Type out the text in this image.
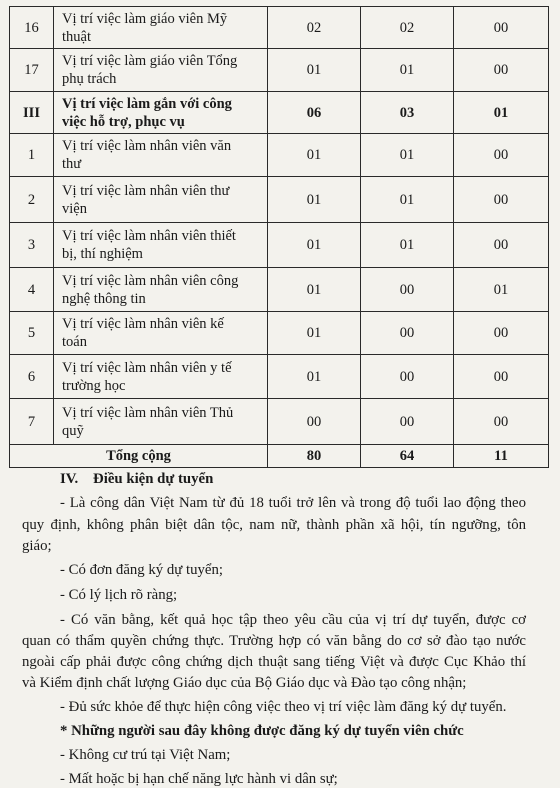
16	Vị trí việc làm giáo viên Mỹ
thuật	02	02	00
17	Vị trí việc làm giáo viên Tổng
phụ trách	01	01	00
III	Vị trí việc làm gắn với công
việc hỗ trợ, phục vụ	06	03	01
1	Vị trí việc làm nhân viên văn
thư	01	01	00
2	Vị trí việc làm nhân viên thư
viện	01	01	00
3	Vị trí việc làm nhân viên thiết
bị, thí nghiệm	01	01	00
4	Vị trí việc làm nhân viên công
nghệ thông tin	01	00	01
5	Vị trí việc làm nhân viên kế
toán	01	00	00
6	Vị trí việc làm nhân viên y tế
trường học	01	00	00
7	Vị trí việc làm nhân viên Thủ
quỹ	00	00	00
Tổng cộng		80	64	11
IV. Điều kiện dự tuyển
- Là công dân Việt Nam từ đủ 18 tuổi trở lên và trong độ tuổi lao động theo
quy định, không phân biệt dân tộc, nam nữ, thành phần xã hội, tín ngưỡng, tôn
giáo;
- Có đơn đăng ký dự tuyển;
- Có lý lịch rõ ràng;
- Có văn bằng, kết quả học tập theo yêu cầu của vị trí dự tuyển, được cơ
quan có thẩm quyền chứng thực. Trường hợp có văn bằng do cơ sở đào tạo nước
ngoài cấp phải được công chứng dịch thuật sang tiếng Việt và được Cục Khảo thí
và Kiểm định chất lượng Giáo dục của Bộ Giáo dục và Đào tạo công nhận;
- Đủ sức khỏe để thực hiện công việc theo vị trí việc làm đăng ký dự tuyển.
* Những người sau đây không được đăng ký dự tuyển viên chức
- Không cư trú tại Việt Nam;
- Mất hoặc bị hạn chế năng lực hành vi dân sự;
